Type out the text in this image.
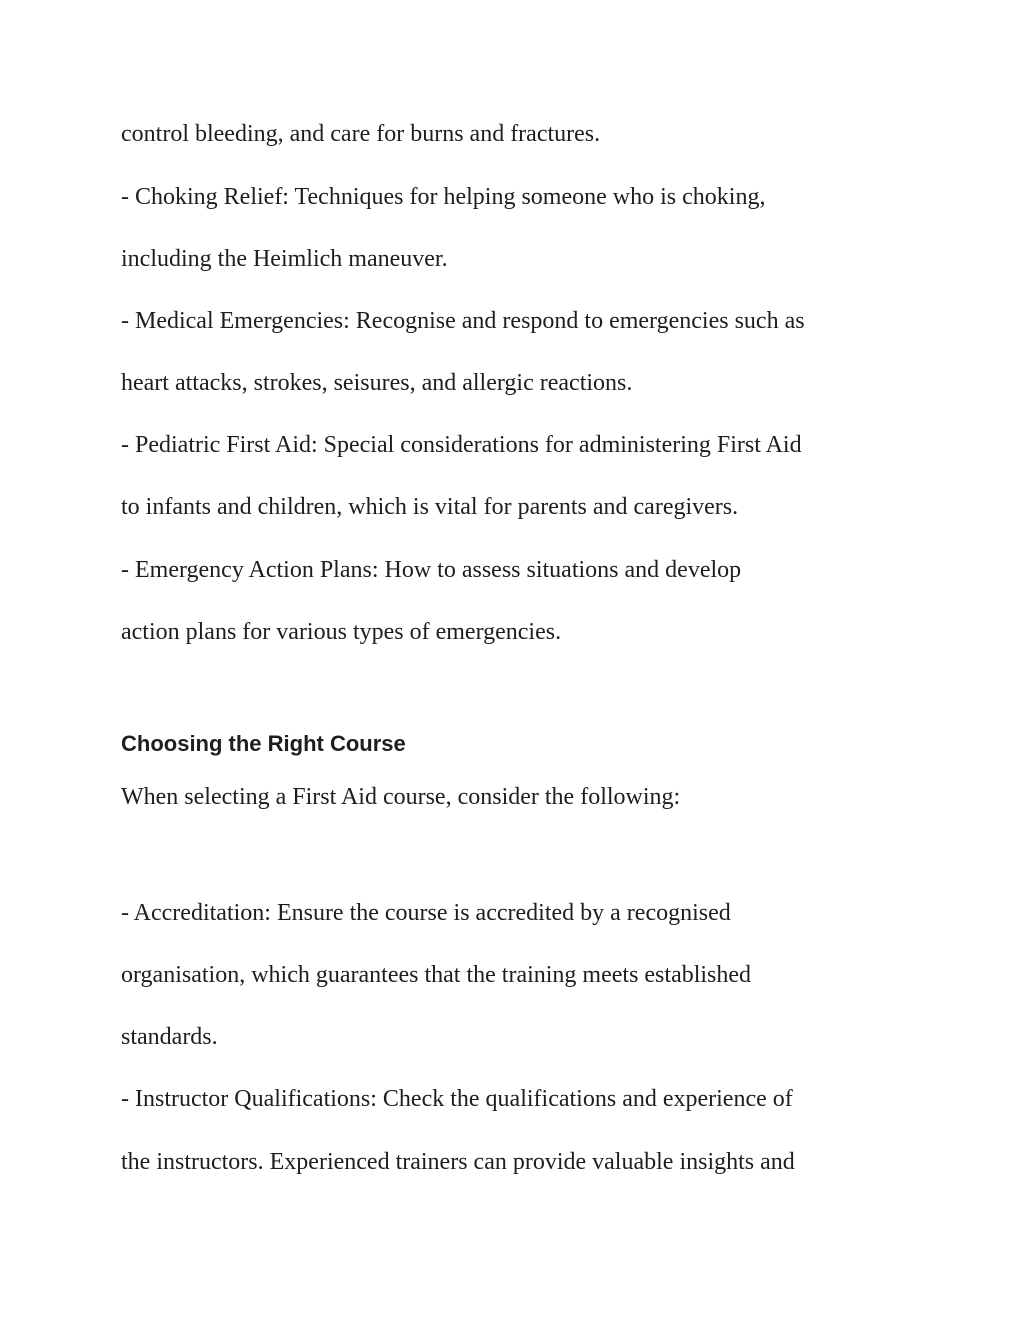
control bleeding, and care for burns and fractures.
- Choking Relief: Techniques for helping someone who is choking,
including the Heimlich maneuver.
- Medical Emergencies: Recognise and respond to emergencies such as
heart attacks, strokes, seisures, and allergic reactions.
- Pediatric First Aid: Special considerations for administering First Aid
to infants and children, which is vital for parents and caregivers.
- Emergency Action Plans: How to assess situations and develop
action plans for various types of emergencies.
Choosing the Right Course
When selecting a First Aid course, consider the following:
- Accreditation: Ensure the course is accredited by a recognised
organisation, which guarantees that the training meets established
standards.
- Instructor Qualifications: Check the qualifications and experience of
the instructors. Experienced trainers can provide valuable insights and
